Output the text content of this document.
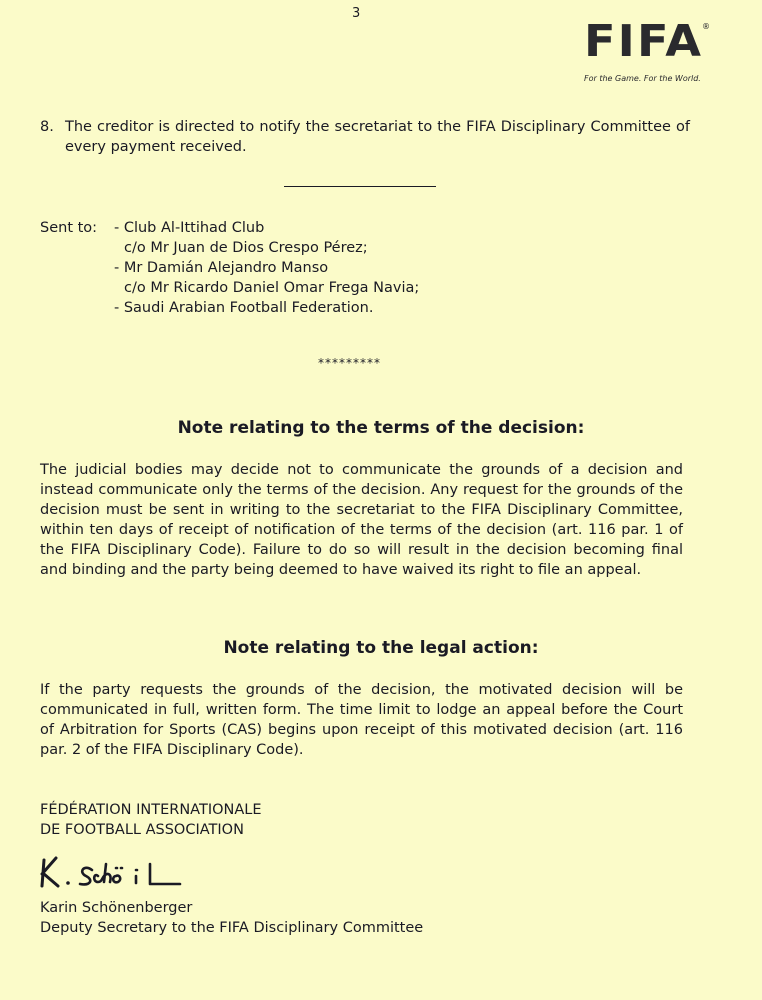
3
FIFA
®
For the Game. For the World.
8. The creditor is directed to notify the secretariat to the FIFA Disciplinary Committee of every payment received.
Sent to: - Club Al-Ittihad Club
c/o Mr Juan de Dios Crespo Pérez;
- Mr Damián Alejandro Manso
c/o Mr Ricardo Daniel Omar Frega Navia;
- Saudi Arabian Football Federation.
*********
Note relating to the terms of the decision:
The judicial bodies may decide not to communicate the grounds of a decision and instead communicate only the terms of the decision. Any request for the grounds of the decision must be sent in writing to the secretariat to the FIFA Disciplinary Committee, within ten days of receipt of notification of the terms of the decision (art. 116 par. 1 of the FIFA Disciplinary Code). Failure to do so will result in the decision becoming final and binding and the party being deemed to have waived its right to file an appeal.
Note relating to the legal action:
If the party requests the grounds of the decision, the motivated decision will be communicated in full, written form. The time limit to lodge an appeal before the Court of Arbitration for Sports (CAS) begins upon receipt of this motivated decision (art. 116 par. 2 of the FIFA Disciplinary Code).
FÉDÉRATION INTERNATIONALE
DE FOOTBALL ASSOCIATION
Karin Schönenberger
Deputy Secretary to the FIFA Disciplinary Committee
